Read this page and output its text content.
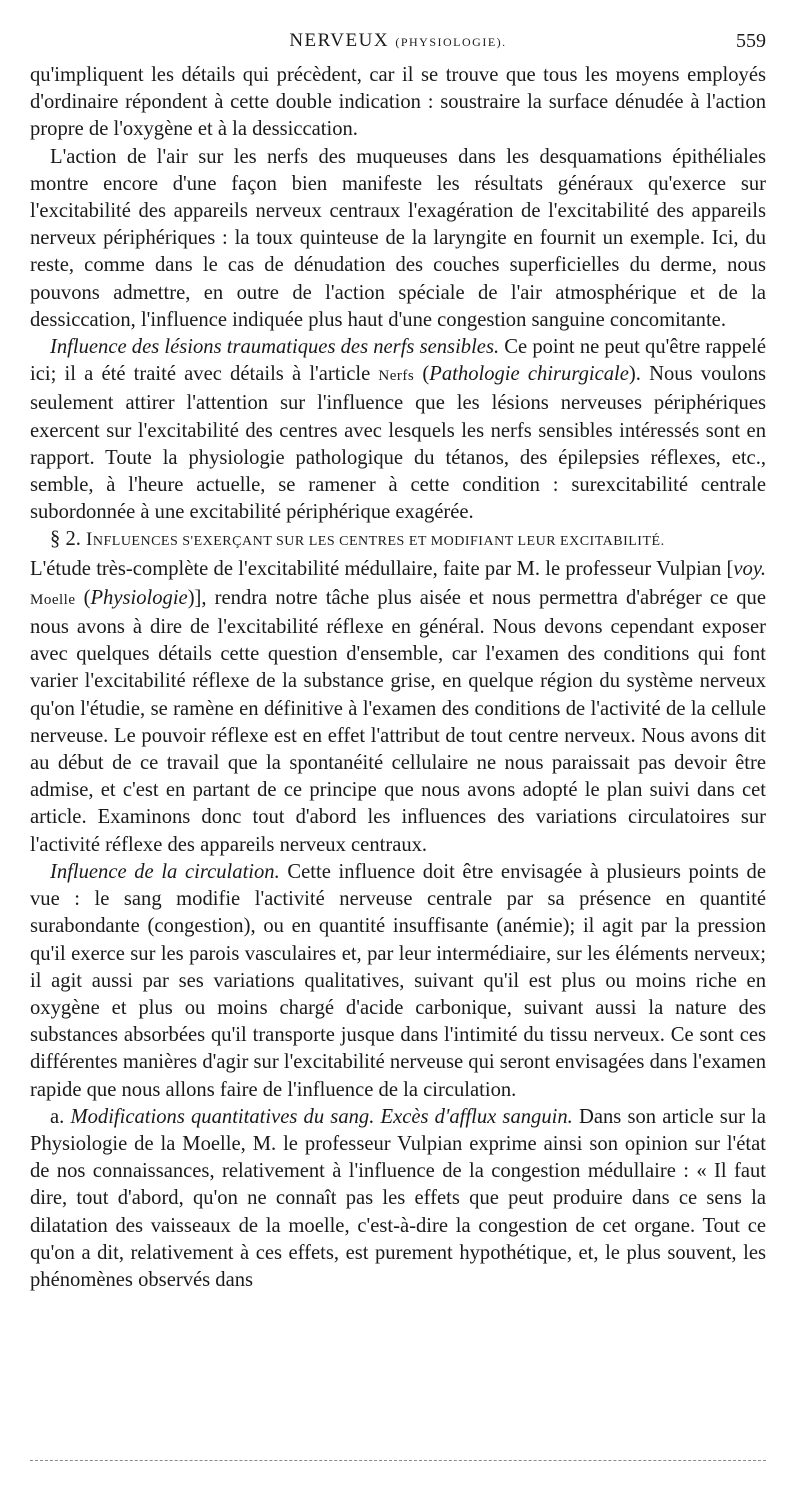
NERVEUX (PHYSIOLOGIE).	559

qu'impliquent les détails qui précèdent, car il se trouve que tous les moyens employés d'ordinaire répondent à cette double indication : soustraire la surface dénudée à l'action propre de l'oxygène et à la dessiccation.

L'action de l'air sur les nerfs des muqueuses dans les desquamations épithéliales montre encore d'une façon bien manifeste les résultats généraux qu'exerce sur l'excitabilité des appareils nerveux centraux l'exagération de l'excitabilité des appareils nerveux périphériques : la toux quinteuse de la laryngite en fournit un exemple. Ici, du reste, comme dans le cas de dénudation des couches superficielles du derme, nous pouvons admettre, en outre de l'action spéciale de l'air atmosphérique et de la dessiccation, l'influence indiquée plus haut d'une congestion sanguine concomitante.

Influence des lésions traumatiques des nerfs sensibles. Ce point ne peut qu'être rappelé ici; il a été traité avec détails à l'article Nerfs (Pathologie chirurgicale). Nous voulons seulement attirer l'attention sur l'influence que les lésions nerveuses périphériques exercent sur l'excitabilité des centres avec lesquels les nerfs sensibles intéressés sont en rapport. Toute la physiologie pathologique du tétanos, des épilepsies réflexes, etc., semble, à l'heure actuelle, se ramener à cette condition : surexcitabilité centrale subordonnée à une excitabilité périphérique exagérée.

§ 2. INFLUENCES S'EXERÇANT SUR LES CENTRES ET MODIFIANT LEUR EXCITABILITÉ.

L'étude très-complète de l'excitabilité médullaire, faite par M. le professeur Vulpian [voy. Moelle (Physiologie)], rendra notre tâche plus aisée et nous permettra d'abréger ce que nous avons à dire de l'excitabilité réflexe en général. Nous devons cependant exposer avec quelques détails cette question d'ensemble, car l'examen des conditions qui font varier l'excitabilité réflexe de la substance grise, en quelque région du système nerveux qu'on l'étudie, se ramène en définitive à l'examen des conditions de l'activité de la cellule nerveuse. Le pouvoir réflexe est en effet l'attribut de tout centre nerveux. Nous avons dit au début de ce travail que la spontanéité cellulaire ne nous paraissait pas devoir être admise, et c'est en partant de ce principe que nous avons adopté le plan suivi dans cet article. Examinons donc tout d'abord les influences des variations circulatoires sur l'activité réflexe des appareils nerveux centraux.

Influence de la circulation. Cette influence doit être envisagée à plusieurs points de vue : le sang modifie l'activité nerveuse centrale par sa présence en quantité surabondante (congestion), ou en quantité insuffisante (anémie); il agit par la pression qu'il exerce sur les parois vasculaires et, par leur intermédiaire, sur les éléments nerveux; il agit aussi par ses variations qualitatives, suivant qu'il est plus ou moins riche en oxygène et plus ou moins chargé d'acide carbonique, suivant aussi la nature des substances absorbées qu'il transporte jusque dans l'intimité du tissu nerveux. Ce sont ces différentes manières d'agir sur l'excitabilité nerveuse qui seront envisagées dans l'examen rapide que nous allons faire de l'influence de la circulation.

a. Modifications quantitatives du sang. Excès d'afflux sanguin. Dans son article sur la Physiologie de la Moelle, M. le professeur Vulpian exprime ainsi son opinion sur l'état de nos connaissances, relativement à l'influence de la congestion médullaire : « Il faut dire, tout d'abord, qu'on ne connaît pas les effets que peut produire dans ce sens la dilatation des vaisseaux de la moelle, c'est-à-dire la congestion de cet organe. Tout ce qu'on a dit, relativement à ces effets, est purement hypothétique, et, le plus souvent, les phénomènes observés dans
